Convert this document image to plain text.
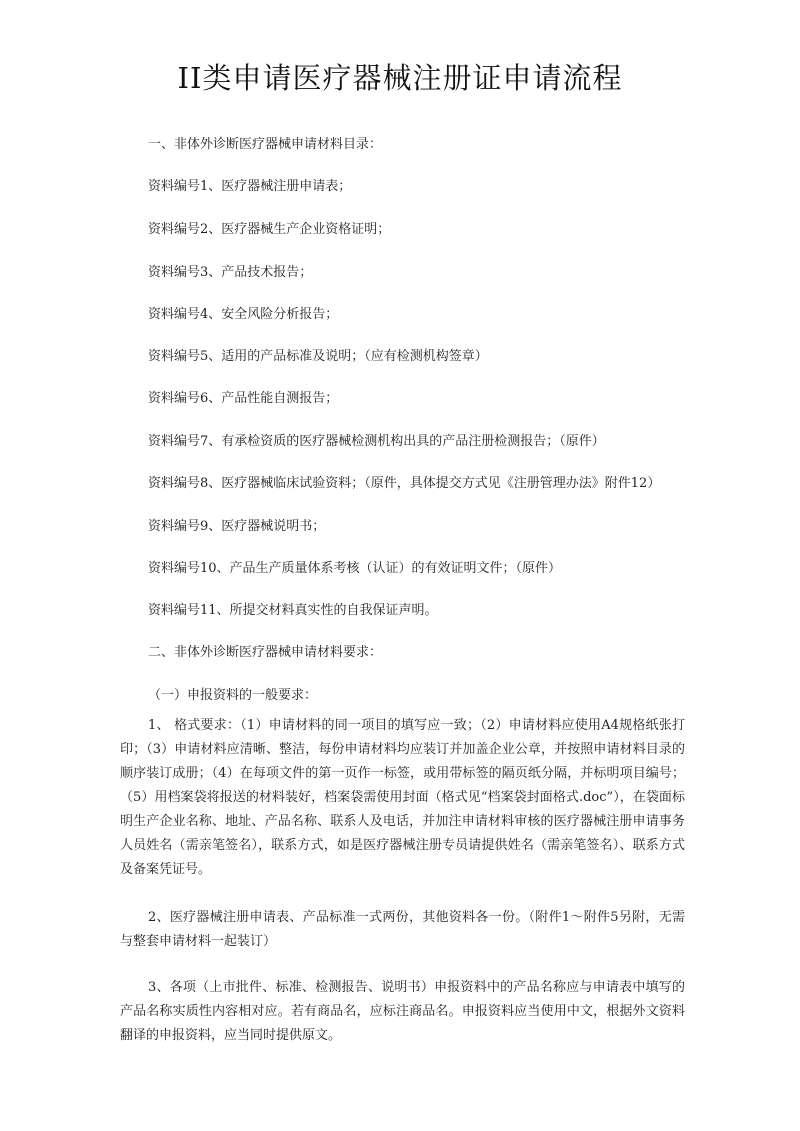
II类申请医疗器械注册证申请流程
一、非体外诊断医疗器械申请材料目录：
资料编号1、医疗器械注册申请表；
资料编号2、医疗器械生产企业资格证明；
资料编号3、产品技术报告；
资料编号4、安全风险分析报告；
资料编号5、适用的产品标准及说明；（应有检测机构签章）
资料编号6、产品性能自测报告；
资料编号7、有承检资质的医疗器械检测机构出具的产品注册检测报告；（原件）
资料编号8、医疗器械临床试验资料；（原件，具体提交方式见《注册管理办法》附件12）
资料编号9、医疗器械说明书；
资料编号10、产品生产质量体系考核（认证）的有效证明文件；（原件）
资料编号11、所提交材料真实性的自我保证声明。
二、非体外诊断医疗器械申请材料要求：
（一）申报资料的一般要求：
1、 格式要求：（1）申请材料的同一项目的填写应一致；（2）申请材料应使用A4规格纸张打印；（3）申请材料应清晰、整洁，每份申请材料均应装订并加盖企业公章，并按照申请材料目录的顺序装订成册；（4）在每项文件的第一页作一标签，或用带标签的隔页纸分隔，并标明项目编号；（5）用档案袋将报送的材料装好，档案袋需使用封面（格式见“档案袋封面格式.doc”），在袋面标明生产企业名称、地址、产品名称、联系人及电话，并加注申请材料审核的医疗器械注册申请事务人员姓名（需亲笔签名），联系方式，如是医疗器械注册专员请提供姓名（需亲笔签名）、联系方式及备案凭证号。
2、医疗器械注册申请表、产品标准一式两份，其他资料各一份。（附件1～附件5另附，无需与整套申请材料一起装订）
3、各项（上市批件、标准、检测报告、说明书）申报资料中的产品名称应与申请表中填写的产品名称实质性内容相对应。若有商品名，应标注商品名。申报资料应当使用中文，根据外文资料翻译的申报资料，应当同时提供原文。
